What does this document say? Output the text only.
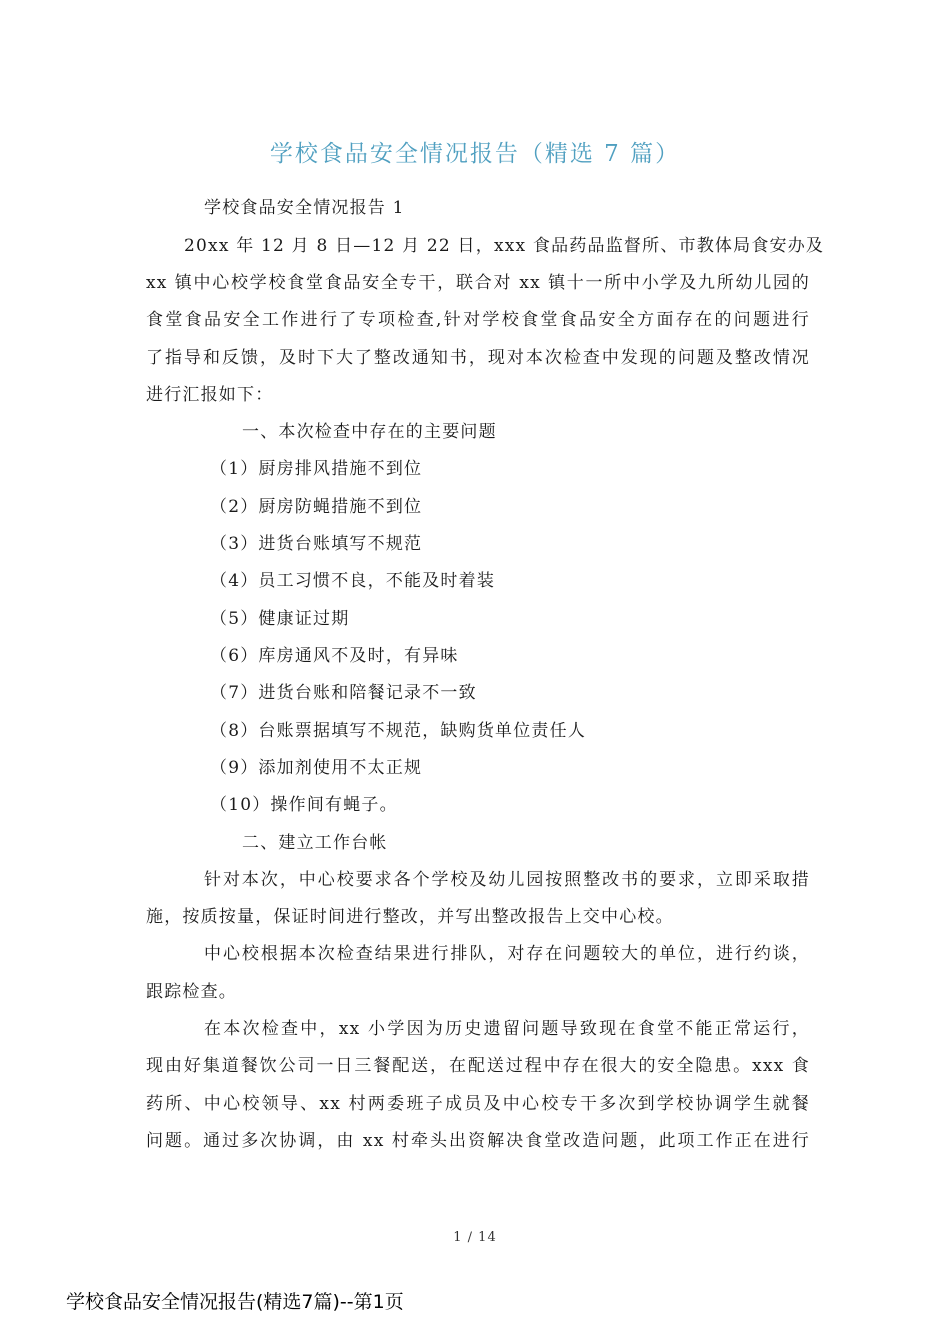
学校食品安全情况报告（精选 7 篇）
学校食品安全情况报告 1
20xx 年 12 月 8 日—12 月 22 日，xxx 食品药品监督所、市教体局食安办及
xx 镇中心校学校食堂食品安全专干，联合对 xx 镇十一所中小学及九所幼儿园的
食堂食品安全工作进行了专项检查,针对学校食堂食品安全方面存在的问题进行
了指导和反馈，及时下大了整改通知书，现对本次检查中发现的问题及整改情况
进行汇报如下：
一、本次检查中存在的主要问题
（1）厨房排风措施不到位
（2）厨房防蝇措施不到位
（3）进货台账填写不规范
（4）员工习惯不良，不能及时着装
（5）健康证过期
（6）库房通风不及时，有异味
（7）进货台账和陪餐记录不一致
（8）台账票据填写不规范，缺购货单位责任人
（9）添加剂使用不太正规
（10）操作间有蝇子。
二、建立工作台帐
针对本次，中心校要求各个学校及幼儿园按照整改书的要求，立即采取措
施，按质按量，保证时间进行整改，并写出整改报告上交中心校。
中心校根据本次检查结果进行排队，对存在问题较大的单位，进行约谈，
跟踪检查。
在本次检查中，xx 小学因为历史遗留问题导致现在食堂不能正常运行，
现由好集道餐饮公司一日三餐配送，在配送过程中存在很大的安全隐患。xxx 食
药所、中心校领导、xx 村两委班子成员及中心校专干多次到学校协调学生就餐
问题。通过多次协调，由 xx 村牵头出资解决食堂改造问题，此项工作正在进行
1 / 14
学校食品安全情况报告(精选7篇)--第1页
